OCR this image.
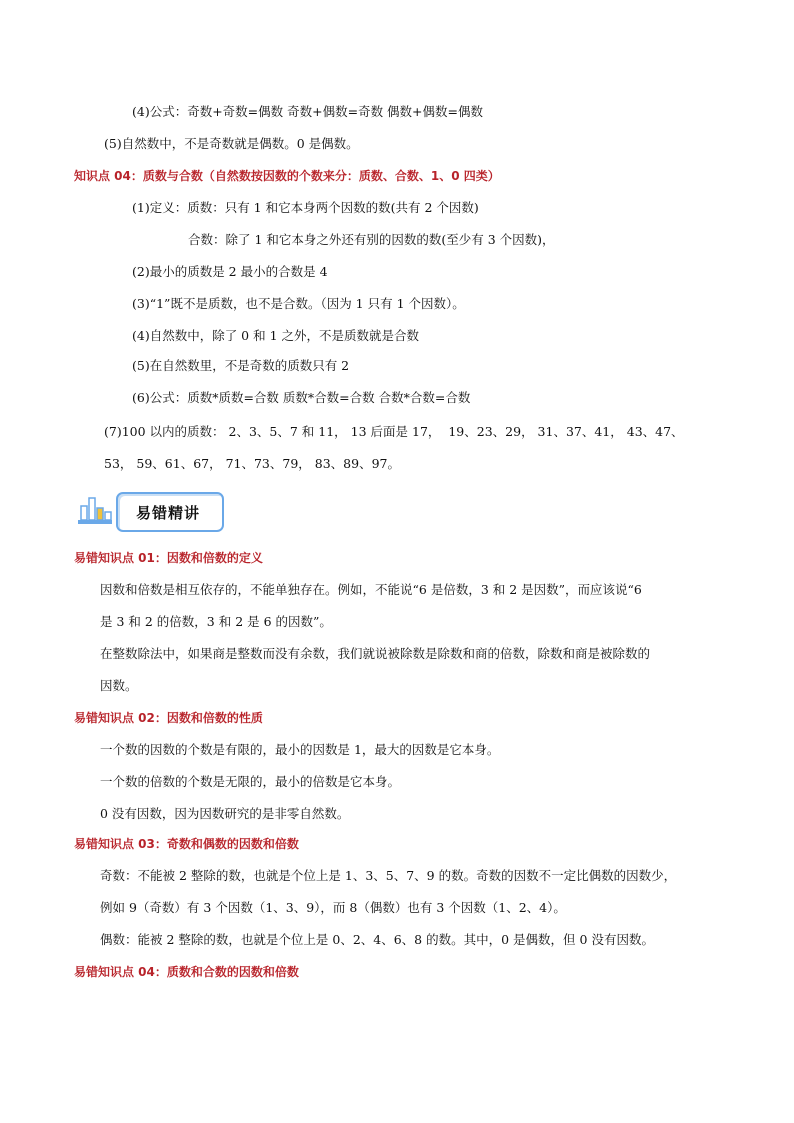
(4)公式：奇数+奇数=偶数 奇数+偶数=奇数 偶数+偶数=偶数
(5)自然数中，不是奇数就是偶数。0 是偶数。
知识点 04：质数与合数（自然数按因数的个数来分：质数、合数、1、0 四类）
(1)定义：质数：只有 1 和它本身两个因数的数(共有 2 个因数)
合数：除了 1 和它本身之外还有别的因数的数(至少有 3 个因数)，
(2)最小的质数是 2 最小的合数是 4
(3)“1”既不是质数，也不是合数。（因为 1 只有 1 个因数）。
(4)自然数中，除了 0 和 1 之外，不是质数就是合数
(5)在自然数里，不是奇数的质数只有 2
(6)公式：质数*质数=合数 质数*合数=合数 合数*合数=合数
(7)100 以内的质数： 2、3、5、7 和 11， 13 后面是 17，  19、23、29， 31、37、41， 43、47、
53， 59、61、67， 71、73、79， 83、89、97。
易错精讲
易错知识点 01：因数和倍数的定义
因数和倍数是相互依存的，不能单独存在。例如，不能说“6 是倍数，3 和 2 是因数”，而应该说“6
是 3 和 2 的倍数，3 和 2 是 6 的因数”。
在整数除法中，如果商是整数而没有余数，我们就说被除数是除数和商的倍数，除数和商是被除数的
因数。
易错知识点 02：因数和倍数的性质
一个数的因数的个数是有限的，最小的因数是 1，最大的因数是它本身。
一个数的倍数的个数是无限的，最小的倍数是它本身。
0 没有因数，因为因数研究的是非零自然数。
易错知识点 03：奇数和偶数的因数和倍数
奇数：不能被 2 整除的数，也就是个位上是 1、3、5、7、9 的数。奇数的因数不一定比偶数的因数少，
例如 9（奇数）有 3 个因数（1、3、9），而 8（偶数）也有 3 个因数（1、2、4）。
偶数：能被 2 整除的数，也就是个位上是 0、2、4、6、8 的数。其中，0 是偶数，但 0 没有因数。
易错知识点 04：质数和合数的因数和倍数
